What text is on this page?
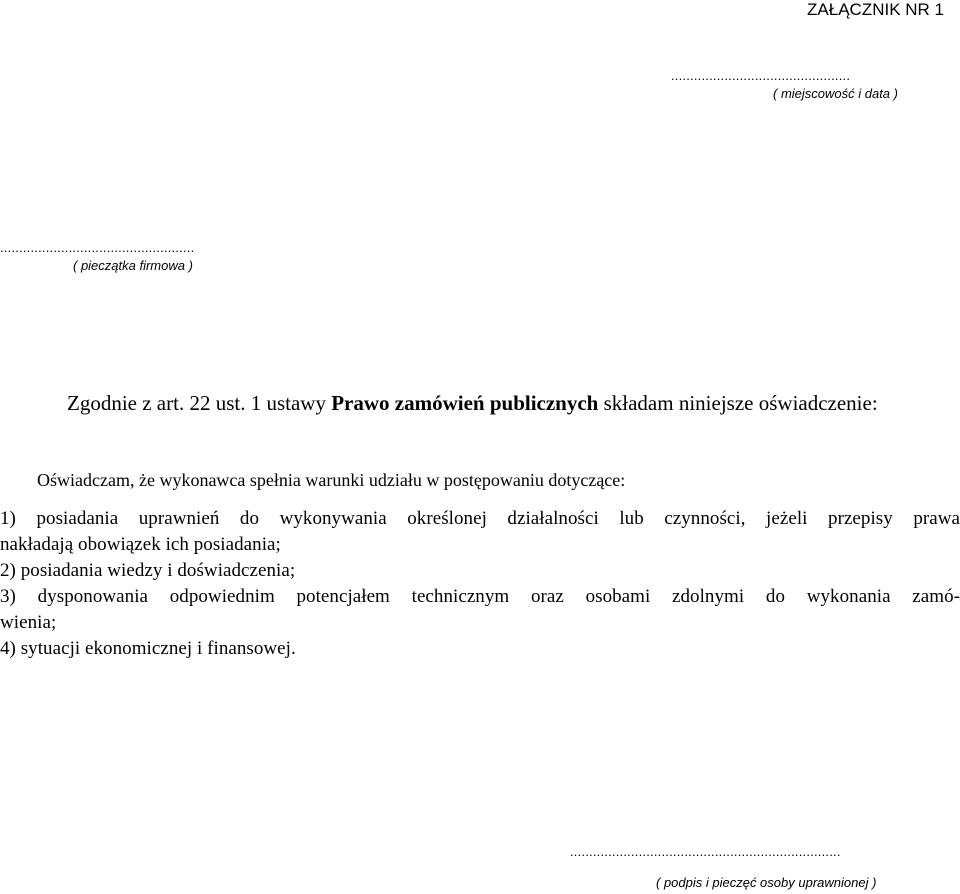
ZAŁĄCZNIK NR 1
...............................................
( miejscowość i data )
...................................................
( pieczątka firmowa )
Zgodnie z art. 22 ust. 1 ustawy Prawo zamówień publicznych składam niniejsze oświadczenie:
Oświadczam, że wykonawca spełnia warunki udziału w postępowaniu dotyczące:
1) posiadania uprawnień do wykonywania określonej działalności lub czynności, jeżeli przepisy prawa
nakładają obowiązek ich posiadania;
2) posiadania wiedzy i doświadczenia;
3) dysponowania odpowiednim potencjałem technicznym oraz osobami zdolnymi do wykonania zamó-
wienia;
4) sytuacji ekonomicznej i finansowej.
.......................................................................
( podpis i pieczęć osoby uprawnionej )
